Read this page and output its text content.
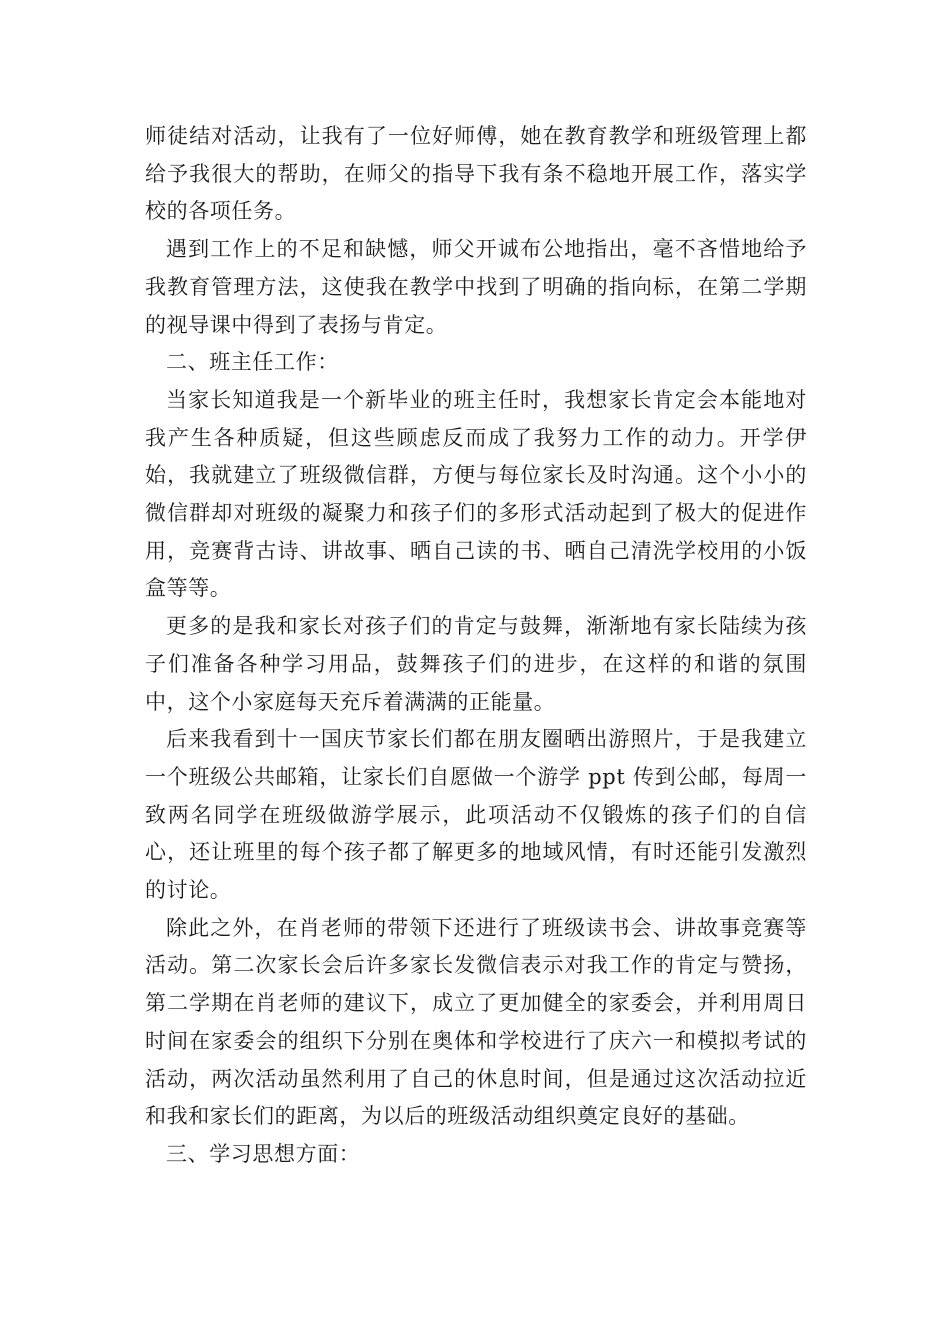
师徒结对活动，让我有了一位好师傅，她在教育教学和班级管理上都给予我很大的帮助，在师父的指导下我有条不稳地开展工作，落实学校的各项任务。

遇到工作上的不足和缺憾，师父开诚布公地指出，毫不吝惜地给予我教育管理方法，这使我在教学中找到了明确的指向标，在第二学期的视导课中得到了表扬与肯定。

二、班主任工作：

当家长知道我是一个新毕业的班主任时，我想家长肯定会本能地对我产生各种质疑，但这些顾虑反而成了我努力工作的动力。开学伊始，我就建立了班级微信群，方便与每位家长及时沟通。这个小小的微信群却对班级的凝聚力和孩子们的多形式活动起到了极大的促进作用，竞赛背古诗、讲故事、晒自己读的书、晒自己清洗学校用的小饭盒等等。

更多的是我和家长对孩子们的肯定与鼓舞，渐渐地有家长陆续为孩子们准备各种学习用品，鼓舞孩子们的进步，在这样的和谐的氛围中，这个小家庭每天充斥着满满的正能量。

后来我看到十一国庆节家长们都在朋友圈晒出游照片，于是我建立一个班级公共邮箱，让家长们自愿做一个游学 ppt 传到公邮，每周一致两名同学在班级做游学展示，此项活动不仅锻炼的孩子们的自信心，还让班里的每个孩子都了解更多的地域风情，有时还能引发激烈的讨论。

除此之外，在肖老师的带领下还进行了班级读书会、讲故事竞赛等活动。第二次家长会后许多家长发微信表示对我工作的肯定与赞扬，第二学期在肖老师的建议下，成立了更加健全的家委会，并利用周日时间在家委会的组织下分别在奥体和学校进行了庆六一和模拟考试的活动，两次活动虽然利用了自己的休息时间，但是通过这次活动拉近和我和家长们的距离，为以后的班级活动组织奠定良好的基础。

三、学习思想方面：
